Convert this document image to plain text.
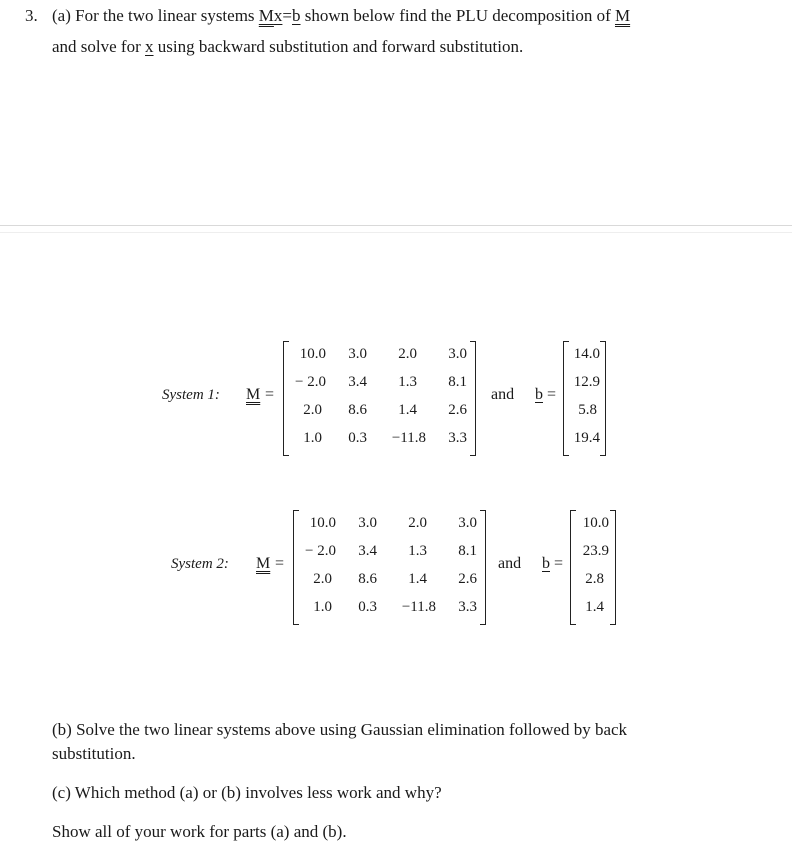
3. (a) For the two linear systems Mx=b shown below find the PLU decomposition of M
and solve for x using backward substitution and forward substitution.
System 1: M =
10.0	3.0	2.0	3.0
− 2.0	3.4	1.3	8.1
2.0	8.6	1.4	2.6
1.0	0.3	−11.8	3.3
and b =
14.0
12.9
5.8
19.4
System 2: M =
10.0	3.0	2.0	3.0
− 2.0	3.4	1.3	8.1
2.0	8.6	1.4	2.6
1.0	0.3	−11.8	3.3
and b =
10.0
23.9
2.8
1.4
(b) Solve the two linear systems above using Gaussian elimination followed by back
substitution.
(c) Which method (a) or (b) involves less work and why?
Show all of your work for parts (a) and (b).
